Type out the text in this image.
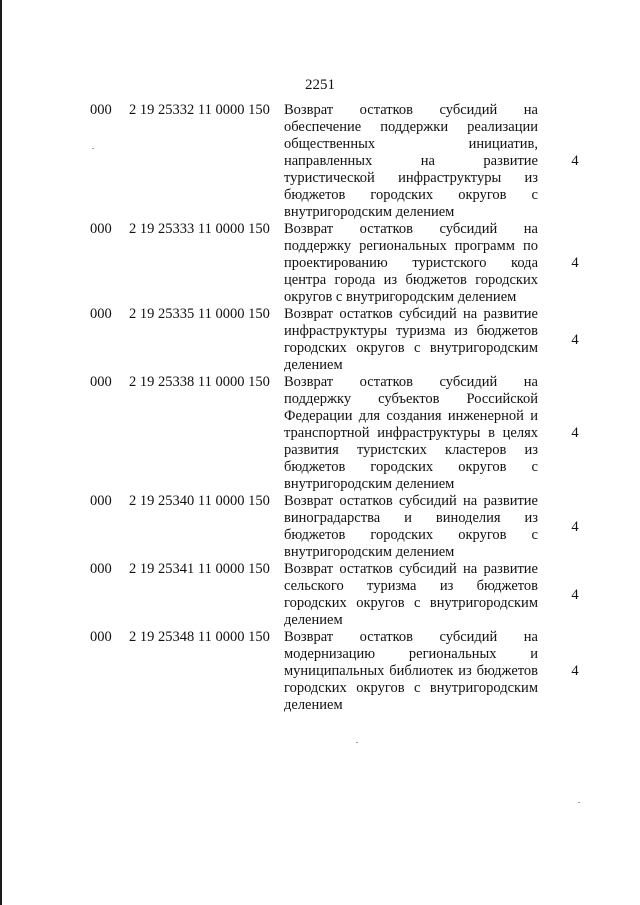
2251
000 2 19 25332 11 0000 150 Возврат остатков субсидий на
обеспечение поддержки реализации
общественных инициатив,
направленных на развитие
туристической инфраструктуры из
бюджетов городских округов с
внутригородским делением
4
000 2 19 25333 11 0000 150 Возврат остатков субсидий на
поддержку региональных программ по
проектированию туристского кода
центра города из бюджетов городских
округов с внутригородским делением
4
000 2 19 25335 11 0000 150 Возврат остатков субсидий на развитие
инфраструктуры туризма из бюджетов
городских округов с внутригородским
делением
4
000 2 19 25338 11 0000 150 Возврат остатков субсидий на
поддержку субъектов Российской
Федерации для создания инженерной и
транспортной инфраструктуры в целях
развития туристских кластеров из
бюджетов городских округов с
внутригородским делением
4
000 2 19 25340 11 0000 150 Возврат остатков субсидий на развитие
виноградарства и виноделия из
бюджетов городских округов с
внутригородским делением
4
000 2 19 25341 11 0000 150 Возврат остатков субсидий на развитие
сельского туризма из бюджетов
городских округов с внутригородским
делением
4
000 2 19 25348 11 0000 150 Возврат остатков субсидий на
модернизацию региональных и
муниципальных библиотек из бюджетов
городских округов с внутригородским
делением
4
